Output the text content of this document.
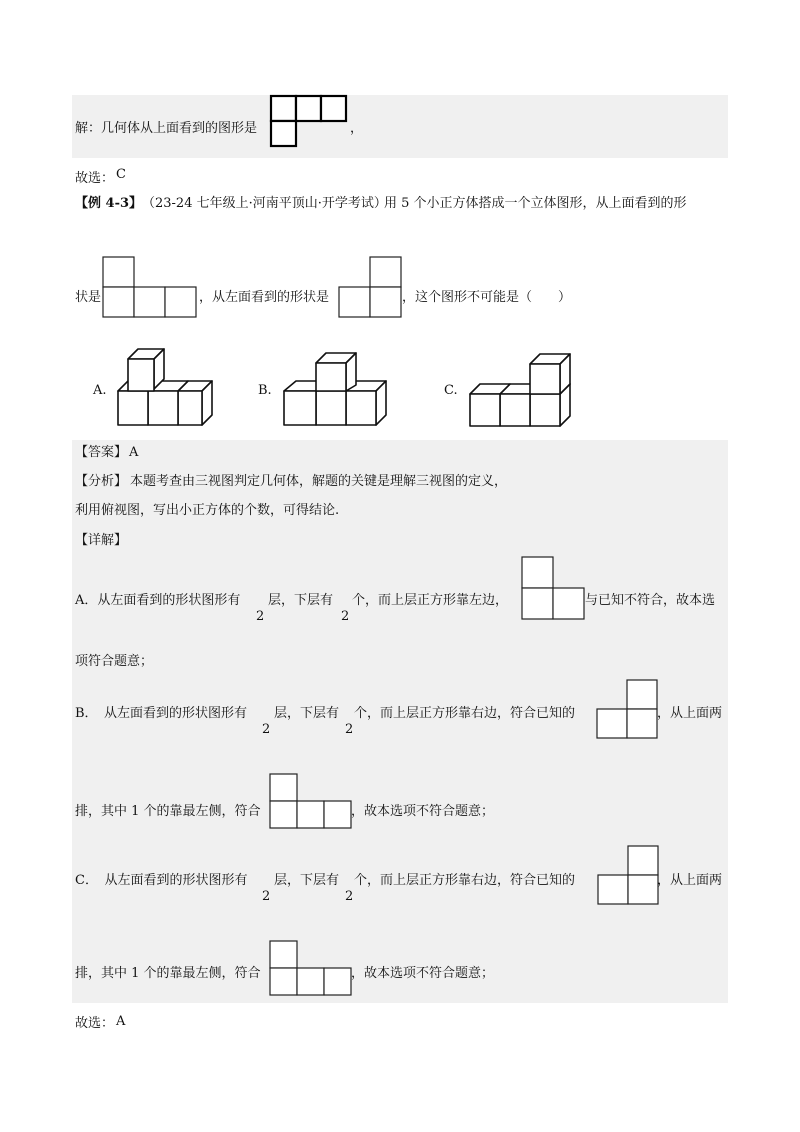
解：几何体从上面看到的图形是	，
故选： C
【例 4-3】 （23-24 七年级上·河南平顶山·开学考试）
用 5 个小正方体搭成一个立体图形，从上面看到的形
状是	，从左面看到的形状是	，这个图形不可能是（　　）
A.	B.	C.
【答案】 A
【分析】 本题考查由三视图判定几何体，解题的关键是理解三视图的定义，
利用俯视图，写出小正方体的个数，可得结论.
【详解】
A．从左面看到的形状图形有
2
层，下层有
2
个，而上层正方形靠左边，	与已知不符合，故本选
项符合题意；
B．　从左面看到的形状图形有
2
层，下层有
2
个，而上层正方形靠右边，符合已知的	，从上面两
排，其中 1 个的靠最左侧，符合	，故本选项不符合题意；
C．　从左面看到的形状图形有
2
层，下层有
2
个，而上层正方形靠右边，符合已知的	，从上面两
排，其中 1 个的靠最左侧，符合	，故本选项不符合题意；
故选： A
